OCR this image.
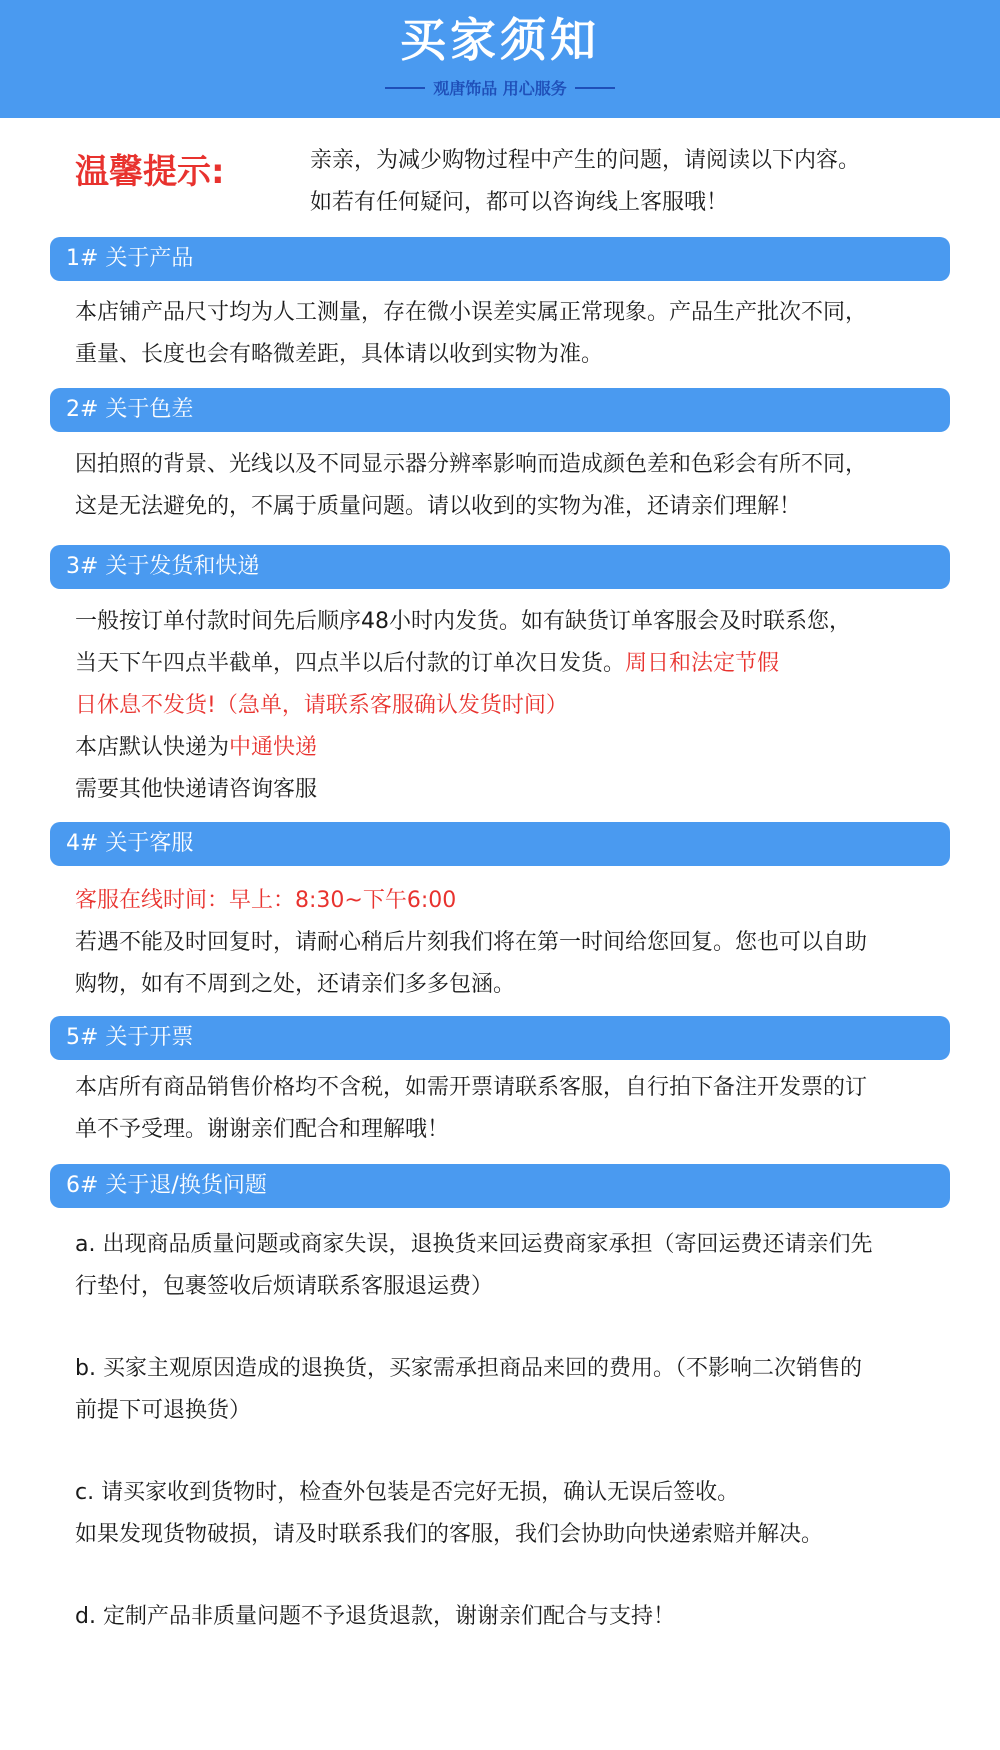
买家须知
观唐饰品 用心服务
温馨提示:	亲亲，为减少购物过程中产生的问题，请阅读以下内容。
如若有任何疑问，都可以咨询线上客服哦！
1# 关于产品
本店铺产品尺寸均为人工测量，存在微小误差实属正常现象。产品生产批次不同，
重量、长度也会有略微差距，具体请以收到实物为准。
2# 关于色差
因拍照的背景、光线以及不同显示器分辨率影响而造成颜色差和色彩会有所不同，
这是无法避免的，不属于质量问题。请以收到的实物为准，还请亲们理解！
3# 关于发货和快递
一般按订单付款时间先后顺序48小时内发货。如有缺货订单客服会及时联系您，
当天下午四点半截单，四点半以后付款的订单次日发货。周日和法定节假
日休息不发货!（急单，请联系客服确认发货时间）
本店默认快递为中通快递
需要其他快递请咨询客服
4# 关于客服
客服在线时间：早上：8:30~下午6:00
若遇不能及时回复时，请耐心稍后片刻我们将在第一时间给您回复。您也可以自助
购物，如有不周到之处，还请亲们多多包涵。
5# 关于开票
本店所有商品销售价格均不含税，如需开票请联系客服，自行拍下备注开发票的订
单不予受理。谢谢亲们配合和理解哦！
6# 关于退/换货问题
a. 出现商品质量问题或商家失误，退换货来回运费商家承担（寄回运费还请亲们先
行垫付，包裹签收后烦请联系客服退运费）
b. 买家主观原因造成的退换货，买家需承担商品来回的费用。（不影响二次销售的
前提下可退换货）
c. 请买家收到货物时，检查外包装是否完好无损，确认无误后签收。
如果发现货物破损，请及时联系我们的客服，我们会协助向快递索赔并解决。
d. 定制产品非质量问题不予退货退款，谢谢亲们配合与支持！
